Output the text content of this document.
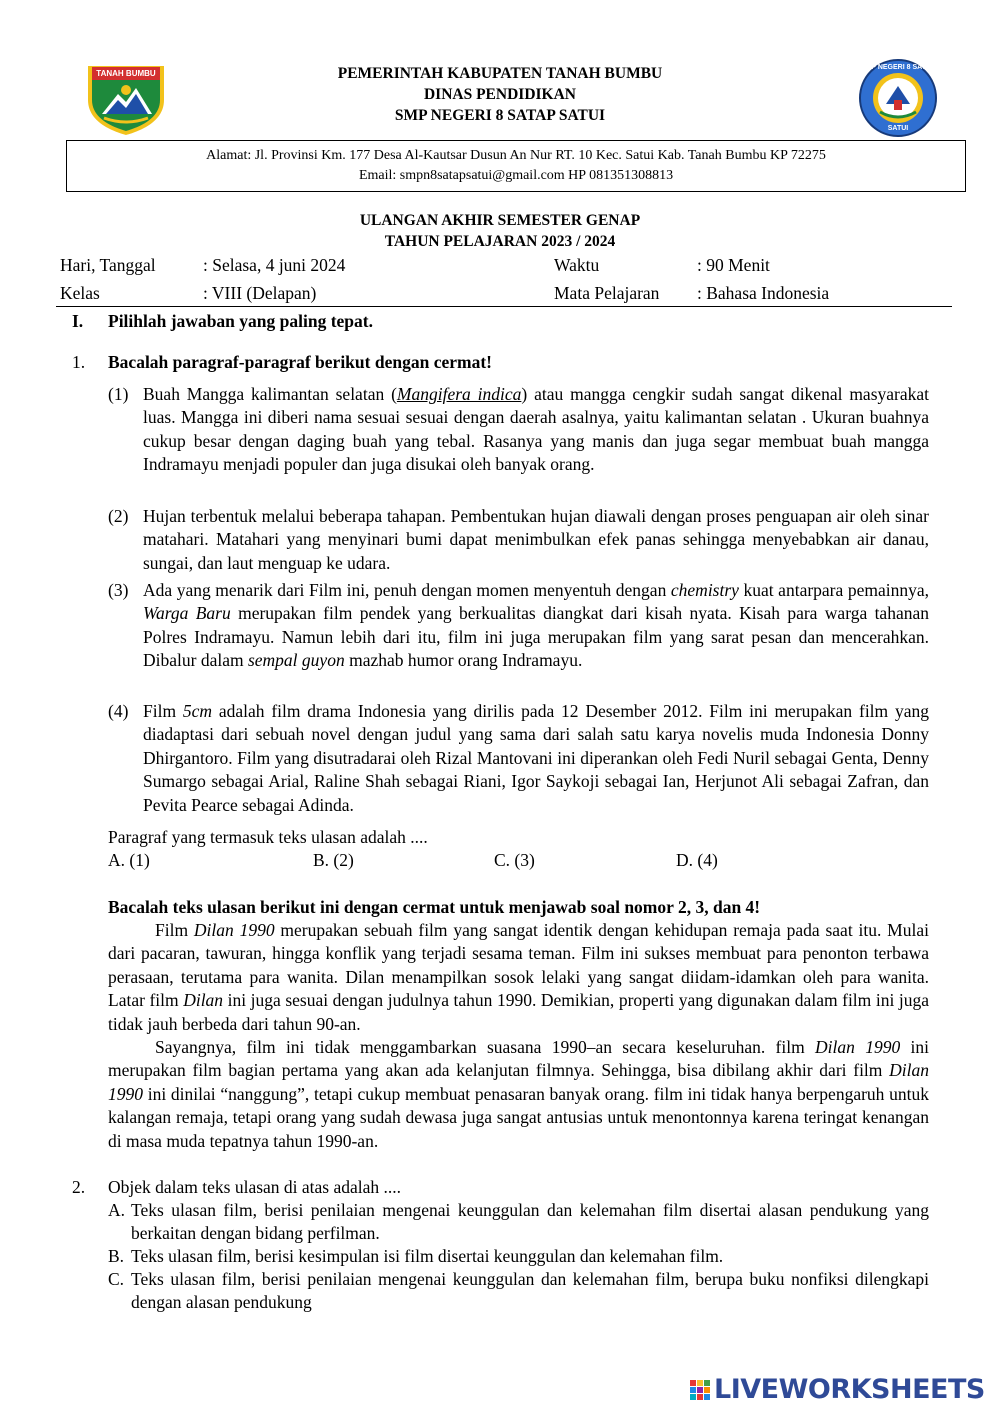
TANAH BUMBU	PEMERINTAH KABUPATEN TANAH BUMBU
DINAS PENDIDIKAN
SMP NEGERI 8 SATAP SATUI
SMP NEGERI 8 SATAP
SATUI
Alamat: Jl. Provinsi Km. 177 Desa Al-Kautsar Dusun An Nur RT. 10 Kec. Satui Kab. Tanah Bumbu KP 72275
Email: smpn8satapsatui@gmail.com HP 081351308813
ULANGAN AKHIR SEMESTER GENAP
TAHUN PELAJARAN 2023 / 2024
Hari, Tanggal	: Selasa, 4 juni 2024	Waktu	: 90 Menit
Kelas	: VIII (Delapan)	Mata Pelajaran : Bahasa Indonesia
I. Pilihlah jawaban yang paling tepat.
1. Bacalah paragraf-paragraf berikut dengan cermat!
(1) Buah Mangga kalimantan selatan (Mangifera indica) atau mangga cengkir sudah sangat dikenal masyarakat luas. Mangga ini diberi nama sesuai sesuai dengan daerah asalnya, yaitu kalimantan selatan . Ukuran buahnya cukup besar dengan daging buah yang tebal. Rasanya yang manis dan juga segar membuat buah mangga Indramayu menjadi populer dan juga disukai oleh banyak orang.
(2) Hujan terbentuk melalui beberapa tahapan. Pembentukan hujan diawali dengan proses penguapan air oleh sinar matahari. Matahari yang menyinari bumi dapat menimbulkan efek panas sehingga menyebabkan air danau, sungai, dan laut menguap ke udara.
(3) Ada yang menarik dari Film ini, penuh dengan momen menyentuh dengan chemistry kuat antarpara pemainnya, Warga Baru merupakan film pendek yang berkualitas diangkat dari kisah nyata. Kisah para warga tahanan Polres Indramayu. Namun lebih dari itu, film ini juga merupakan film yang sarat pesan dan mencerahkan. Dibalur dalam sempal guyon mazhab humor orang Indramayu.
(4) Film 5cm adalah film drama Indonesia yang dirilis pada 12 Desember 2012. Film ini merupakan film yang diadaptasi dari sebuah novel dengan judul yang sama dari salah satu karya novelis muda Indonesia Donny Dhirgantoro. Film yang disutradarai oleh Rizal Mantovani ini diperankan oleh Fedi Nuril sebagai Genta, Denny Sumargo sebagai Arial, Raline Shah sebagai Riani, Igor Saykoji sebagai Ian, Herjunot Ali sebagai Zafran, dan Pevita Pearce sebagai Adinda.
Paragraf yang termasuk teks ulasan adalah ....
A. (1)	B. (2)	C. (3)	D. (4)
Bacalah teks ulasan berikut ini dengan cermat untuk menjawab soal nomor 2, 3, dan 4!
Film Dilan 1990 merupakan sebuah film yang sangat identik dengan kehidupan remaja pada saat itu. Mulai dari pacaran, tawuran, hingga konflik yang terjadi sesama teman. Film ini sukses membuat para penonton terbawa perasaan, terutama para wanita. Dilan menampilkan sosok lelaki yang sangat diidam-idamkan oleh para wanita. Latar film Dilan ini juga sesuai dengan judulnya tahun 1990. Demikian, properti yang digunakan dalam film ini juga tidak jauh berbeda dari tahun 90-an.
Sayangnya, film ini tidak menggambarkan suasana 1990–an secara keseluruhan. film Dilan 1990 ini merupakan film bagian pertama yang akan ada kelanjutan filmnya. Sehingga, bisa dibilang akhir dari film Dilan 1990 ini dinilai “nanggung”, tetapi cukup membuat penasaran banyak orang. film ini tidak hanya berpengaruh untuk kalangan remaja, tetapi orang yang sudah dewasa juga sangat antusias untuk menontonnya karena teringat kenangan di masa muda tepatnya tahun 1990-an.
2. Objek dalam teks ulasan di atas adalah ....
A. Teks ulasan film, berisi penilaian mengenai keunggulan dan kelemahan film disertai alasan pendukung yang berkaitan dengan bidang perfilman.
B. Teks ulasan film, berisi kesimpulan isi film disertai keunggulan dan kelemahan film.
C. Teks ulasan film, berisi penilaian mengenai keunggulan dan kelemahan film, berupa buku nonfiksi dilengkapi dengan alasan pendukung
LIVEWORKSHEETS
